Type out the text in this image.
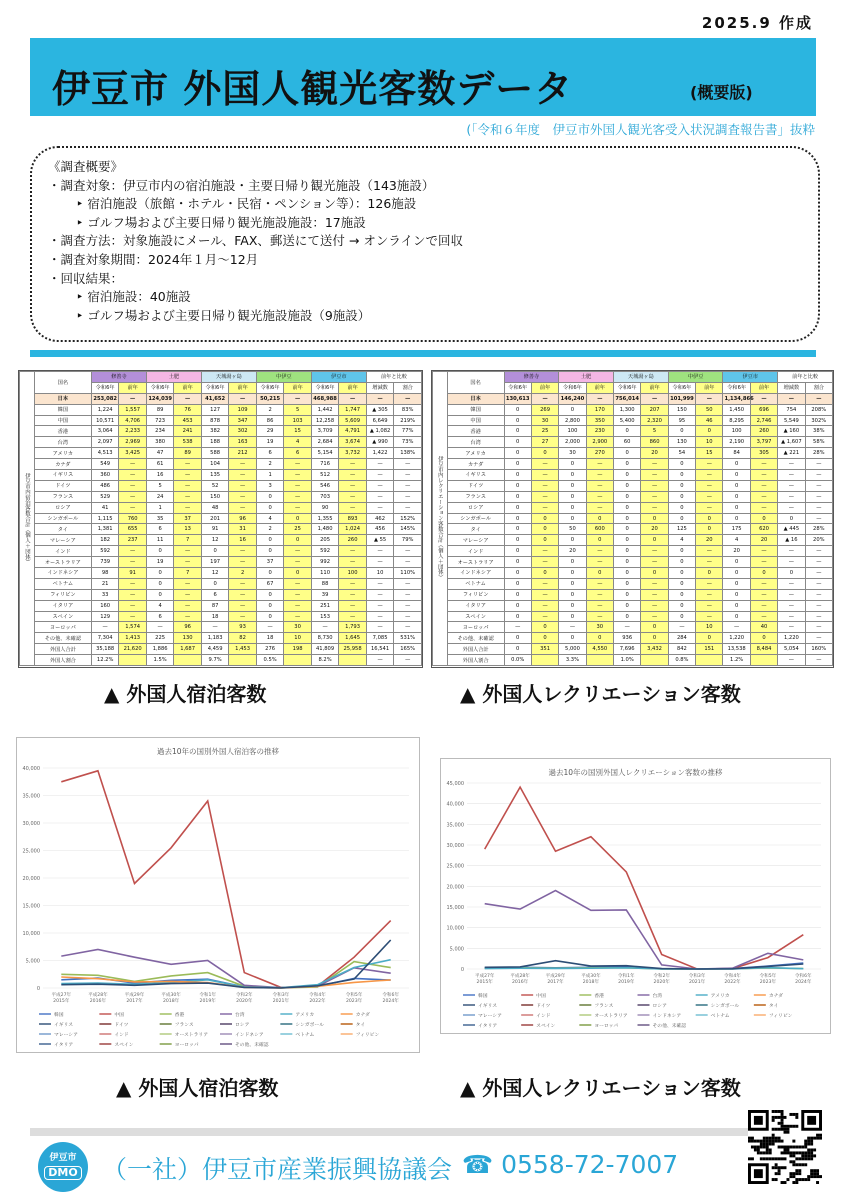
2025.9 作成
伊豆市 外国人観光客数データ	(概要版)
(「令和６年度　伊豆市外国人観光客受入状況調査報告書」抜粋
《調査概要》
・調査対象：伊豆市内の宿泊施設・主要日帰り観光施設（143施設）
‣ 宿泊施設（旅館・ホテル・民宿・ペンション等）：126施設
‣ ゴルフ場および主要日帰り観光施設施設：17施設
・調査方法：対象施設にメール、FAX、郵送にて送付 → オンラインで回収
・調査対象期間：2024年１月～12月
・回収結果：
‣ 宿泊施設：40施設
‣ ゴルフ場および主要日帰り観光施設施設（9施設）
伊豆市内宿泊客数合計（個人＋団体）	国名	修善寺		土肥		天城湯ヶ島		中伊豆		伊豆市		前年と比較	
		令和6年	前年	令和6年	前年	令和6年	前年	令和6年	前年	令和6年	前年	増減数	割合
	日本	253,082	—	124,039	—	41,652	—	50,215	—	468,988	—	—	—
	韓国	1,224	1,557	89	76	127	109	2	5	1,442	1,747	▲ 305	83%
	中国	10,571	4,706	723	453	878	347	86	103	12,258	5,609	6,649	219%
	香港	3,064	2,233	234	241	382	302	29	15	3,709	4,791	▲ 1,082	77%
	台湾	2,097	2,969	380	538	188	163	19	4	2,684	3,674	▲ 990	73%
	アメリカ	4,513	3,425	47	89	588	212	6	6	5,154	3,732	1,422	138%
	カナダ	549	—	61	—	104	—	2	—	716	—	—	—
	イギリス	360	—	16	—	135	—	1	—	512	—	—	—
	ドイツ	486	—	5	—	52	—	3	—	546	—	—	—
	フランス	529	—	24	—	150	—	0	—	703	—	—	—
	ロシア	41	—	1	—	48	—	0	—	90	—	—	—
	シンガポール	1,115	760	35	37	201	96	4	0	1,355	893	462	152%
	タイ	1,381	655	6	13	91	31	2	25	1,480	1,024	456	145%
	マレーシア	182	237	11	7	12	16	0	0	205	260	▲ 55	79%
	インド	592	—	0	—	0	—	0	—	592	—	—	—
	オーストラリア	739	—	19	—	197	—	37	—	992	—	—	—
	インドネシア	98	91	0	7	12	2	0	0	110	100	10	110%
	ベトナム	21	—	0	—	0	—	67	—	88	—	—	—
	フィリピン	33	—	0	—	6	—	0	—	39	—	—	—
	イタリア	160	—	4	—	87	—	0	—	251	—	—	—
	スペイン	129	—	6	—	18	—	0	—	153	—	—	—
	ヨーロッパ	—	1,574	—	96	—	93	—	30	—	1,793	—	—
	その他、未確認	7,304	1,413	225	130	1,183	82	18	10	8,730	1,645	7,085	531%
	外国人合計	35,188	21,620	1,886	1,687	4,459	1,453	276	198	41,809	25,958	16,541	165%
	外国人割合	12.2%		1.5%		9.7%		0.5%		8.2%		—	—
伊豆市内レクリエーション客数合計（個人＋団体）	国名	修善寺		土肥		天城湯ヶ島		中伊豆		伊豆市		前年と比較	
		令和6年	前年	令和6年	前年	令和6年	前年	令和6年	前年	令和6年	前年	増減数	割合
	日本	130,613	—	146,240	—	756,014	—	101,999	—	1,134,866	—	—	—
	韓国	0	269	0	170	1,300	207	150	50	1,450	696	754	208%
	中国	0	30	2,800	350	5,400	2,320	95	46	8,295	2,746	5,549	302%
	香港	0	25	100	230	0	5	0	0	100	260	▲ 160	38%
	台湾	0	27	2,000	2,900	60	860	130	10	2,190	3,797	▲ 1,607	58%
	アメリカ	0	0	30	270	0	20	54	15	84	305	▲ 221	28%
	カナダ	0	—	0	—	0	—	0	—	0	—	—	—
	イギリス	0	—	0	—	0	—	0	—	0	—	—	—
	ドイツ	0	—	0	—	0	—	0	—	0	—	—	—
	フランス	0	—	0	—	0	—	0	—	0	—	—	—
	ロシア	0	—	0	—	0	—	0	—	0	—	—	—
	シンガポール	0	0	0	0	0	0	0	0	0	0	0	—
	タイ	0	0	50	600	0	20	125	0	175	620	▲ 445	28%
	マレーシア	0	0	0	0	0	0	4	20	4	20	▲ 16	20%
	インド	0	—	20	—	0	—	0	—	20	—	—	—
	オーストラリア	0	—	0	—	0	—	0	—	0	—	—	—
	インドネシア	0	0	0	0	0	0	0	0	0	0	0	—
	ベトナム	0	—	0	—	0	—	0	—	0	—	—	—
	フィリピン	0	—	0	—	0	—	0	—	0	—	—	—
	イタリア	0	—	0	—	0	—	0	—	0	—	—	—
	スペイン	0	—	0	—	0	—	0	—	0	—	—	—
	ヨーロッパ	—	0	—	30	—	0	—	10	—	40	—	—
	その他、未確認	0	0	0	0	936	0	284	0	1,220	0	1,220	—
	外国人合計	0	351	5,000	4,550	7,696	3,432	842	151	13,538	8,484	5,054	160%
	外国人割合	0.0%		3.3%		1.0%		0.8%		1.2%		—	—
▲ 外国人宿泊客数	▲ 外国人レクリエーション客数
過去10年の国別外国人宿泊客の推移
0
5,000
10,000
15,000
20,000
25,000
30,000
35,000
40,000
平成27年
2015年
平成28年
2016年
平成29年
2017年
平成30年
2018年
令和1年
2019年
令和2年
2020年
令和3年
2021年
令和4年
2022年
令和5年
2023年
令和6年
2024年
韓国	中国	香港	台湾	アメリカ	カナダ
イギリス	ドイツ	フランス	ロシア	シンガポール	タイ
マレーシア	インド	オーストラリア	インドネシア	ベトナム	フィリピン
イタリア	スペイン	ヨーロッパ	その他、未確認
過去10年の国別外国人レクリエーション客数の推移
0
5,000
10,000
15,000
20,000
25,000
30,000
35,000
40,000
45,000
平成27年
2015年
平成28年
2016年
平成29年
2017年
平成30年
2018年
令和1年
2019年
令和2年
2020年
令和3年
2021年
令和4年
2022年
令和5年
2023年
令和6年
2024年
韓国	中国	香港	台湾	アメリカ	カナダ
イギリス	ドイツ	フランス	ロシア	シンガポール	タイ
マレーシア	インド	オーストラリア	インドネシア	ベトナム	フィリピン
イタリア	スペイン	ヨーロッパ	その他、未確認
▲ 外国人宿泊客数	▲ 外国人レクリエーション客数
伊豆市
DMO （一社）伊豆市産業振興協議会 ☎ 0558-72-7007
